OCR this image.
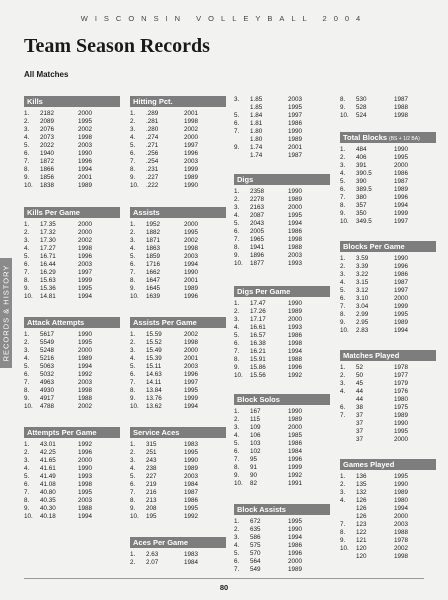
WISCONSIN VOLLEYBALL 2004
RECORDS & HISTORY
Team Season Records
All Matches
Kills
1.	2182	2000
2.	2089	1995
3.	2076	2002
4.	2073	1998
5.	2022	2003
6.	1940	1990
7.	1872	1996
8.	1866	1994
9.	1856	2001
10.	1838	1989
Kills Per Game
1.	17.35	2000
2.	17.32	2000
3.	17.30	2002
4.	17.27	1998
5.	16.71	1996
6.	16.44	2003
7.	16.29	1997
8.	15.63	1999
9.	15.36	1995
10.	14.81	1994
Attack Attempts
1.	5617	1990
2.	5549	1995
3.	5248	2000
4.	5216	1989
5.	5063	1994
6.	5032	1992
7.	4963	2003
8.	4930	1998
9.	4917	1988
10.	4788	2002
Attempts Per Game
1.	43.01	1992
2.	42.25	1996
3.	41.65	2000
4.	41.61	1990
5.	41.49	1993
6.	41.08	1998
7.	40.80	1995
8.	40.35	2003
9.	40.30	1988
10.	40.18	1994
Hitting Pct.
1.	.289	2001
2.	.281	1998
3.	.280	2002
4.	.274	2000
5.	.271	1997
6.	.256	1996
7.	.254	2003
8.	.231	1999
9.	.227	1989
10.	.222	1990
Assists
1.	1952	2000
2.	1882	1995
3.	1871	2002
4.	1863	1998
5.	1859	2003
6.	1716	1994
7.	1662	1990
8.	1647	2001
9.	1645	1989
10.	1639	1996
Assists Per Game
1.	15.59	2002
2.	15.52	1998
3.	15.49	2000
4.	15.39	2001
5.	15.11	2003
6.	14.63	1996
7.	14.11	1997
8.	13.84	1995
9.	13.76	1999
10.	13.62	1994
Service Aces
1.	315	1983
2.	251	1995
3.	243	1990
4.	238	1989
5.	227	2003
6.	219	1984
7.	216	1987
8.	213	1986
9.	208	1995
10.	195	1992
Aces Per Game
1.	2.63	1983
2.	2.07	1984
3.	1.85	2003
1.85	1995
5.	1.84	1997
6.	1.81	1986
7.	1.80	1990
1.80	1989
9.	1.74	2001
1.74	1987
Digs
1.	2358	1990
2.	2278	1989
3.	2163	2000
4.	2087	1995
5.	2043	1994
6.	2005	1986
7.	1965	1998
8.	1941	1988
9.	1896	2003
10.	1877	1993
Digs Per Game
1.	17.47	1990
2.	17.26	1989
3.	17.17	2000
4.	16.61	1993
5.	16.57	1986
6.	16.38	1998
7.	16.21	1994
8.	15.91	1988
9.	15.86	1996
10.	15.56	1992
Block Solos
1.	167	1990
2.	115	1989
3.	109	2000
4.	106	1985
5.	103	1986
6.	102	1984
7.	95	1996
8.	91	1999
9.	90	1992
10.	82	1991
Block Assists
1.	672	1995
2.	635	1990
3.	586	1994
4.	575	1986
5.	570	1996
6.	564	2000
7.	549	1989
8.	530	1987
9.	528	1988
10.	524	1998
Total Blocks (BS + 1/2 BA)
1.	484	1990
2.	406	1995
3.	391	2000
4.	390.5	1986
5.	390	1987
6.	389.5	1989
7.	380	1996
8.	357	1994
9.	350	1999
10.	349.5	1997
Blocks Per Game
1.	3.59	1990
2.	3.39	1996
3.	3.22	1986
4.	3.15	1987
5.	3.12	1997
6.	3.10	2000
7.	3.04	1999
8.	2.99	1995
9.	2.95	1989
10.	2.83	1994
Matches Played
1.	52	1978
2.	50	1977
3.	45	1979
4.	44	1976
44	1980
6.	38	1975
7.	37	1989
37	1990
37	1995
37	2000
Games Played
1.	136	1995
2.	135	1990
3.	132	1989
4.	126	1980
126	1994
126	2000
7.	123	2003
8.	122	1988
9.	121	1978
10.	120	2002
120	1998
80
